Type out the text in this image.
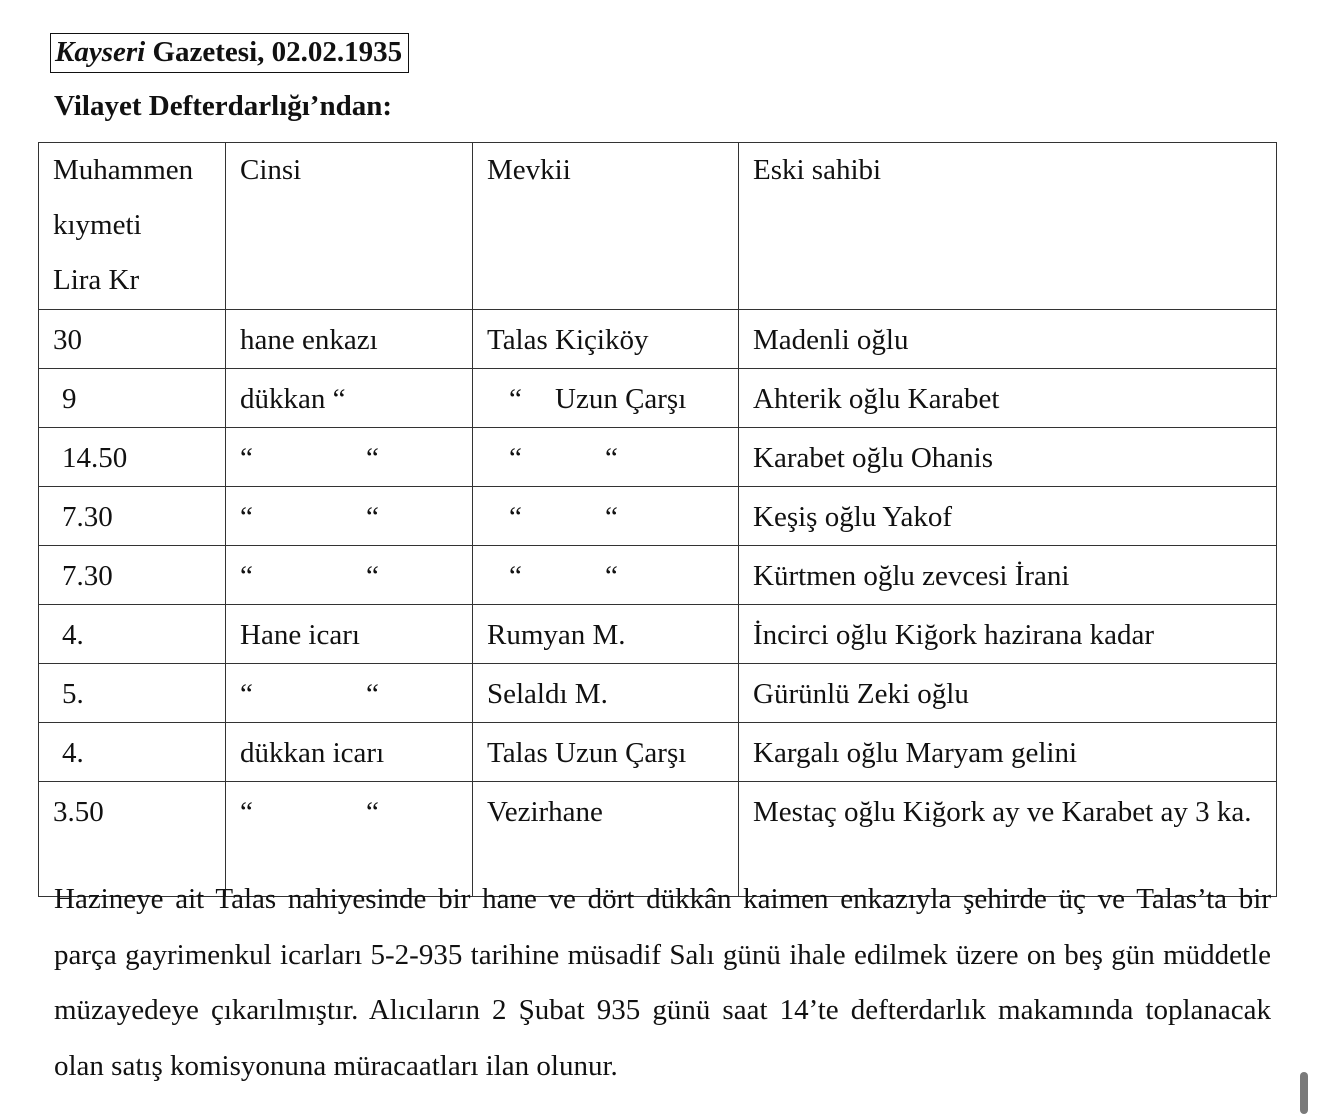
Kayseri Gazetesi, 02.02.1935
Vilayet Defterdarlığı’ndan:
Muhammen
kıymeti
Lira Kr	Cinsi	Mevkii	Eski sahibi
30	hane enkazı	Talas Kiçiköy	Madenli oğlu
9	dükkan “	“ Uzun Çarşı	Ahterik oğlu Karabet
14.50	“ “	“ “	Karabet oğlu Ohanis
7.30	“ “	“ “	Keşiş oğlu Yakof
7.30	“ “	“ “	Kürtmen oğlu zevcesi İrani
4.	Hane icarı	Rumyan M.	İncirci oğlu Kiğork hazirana kadar
5.	“ “	Selaldı M.	Gürünlü Zeki oğlu
4.	dükkan icarı	Talas Uzun Çarşı	Kargalı oğlu Maryam gelini
3.50	“ “	Vezirhane	Mestaç oğlu Kiğork ay ve Karabet ay 3 ka.

Hazineye ait Talas nahiyesinde bir hane ve dört dükkân kaimen enkazıyla şehirde üç ve Talas’ta bir parça gayrimenkul icarları 5-2-935 tarihine müsadif Salı günü ihale edilmek üzere on beş gün müddetle müzayedeye çıkarılmıştır. Alıcıların 2 Şubat 935 günü saat 14’te defterdarlık makamında toplanacak olan satış komisyonuna müracaatları ilan olunur.
